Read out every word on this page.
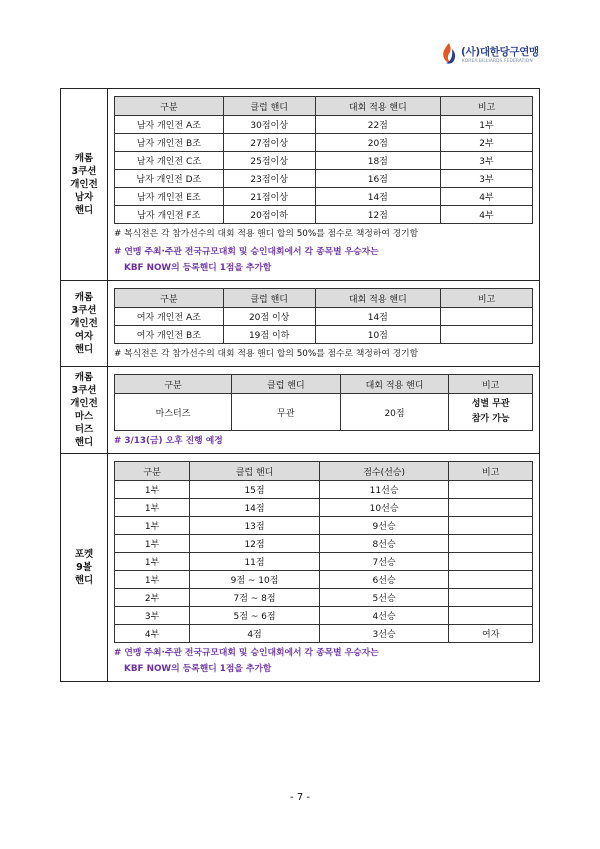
(사)대한당구연맹
KOREA BILLIARDS FEDERATION
캐롬
3쿠션
개인전
남자
핸디

구분	클럽 핸디	대회 적용 핸디	비고
남자 개인전 A조	30점이상	22점	1부
남자 개인전 B조	27점이상	20점	2부
남자 개인전 C조	25점이상	18점	3부
남자 개인전 D조	23점이상	16점	3부
남자 개인전 E조	21점이상	14점	4부
남자 개인전 F조	20점이하	12점	4부
# 복식전은 각 참가선수의 대회 적용 핸디 합의 50%를 점수로 책정하여 경기함
# 연맹 주최·주관 전국규모대회 및 승인대회에서 각 종목별 우승자는
KBF NOW의 등록핸디 1점을 추가함

캐롬
3쿠션
개인전
여자
핸디

구분	클럽 핸디	대회 적용 핸디	비고
여자 개인전 A조	20점 이상	14점	
여자 개인전 B조	19점 이하	10점	
# 복식전은 각 참가선수의 대회 적용 핸디 합의 50%를 점수로 책정하여 경기함

캐롬
3쿠션
개인전
마스
터즈
핸디

구분	클럽 핸디	대회 적용 핸디	비고
마스터즈	무관	20점	성별 무관
참가 가능
# 3/13(금) 오후 진행 예정

포켓
9볼
핸디

구분	클럽 핸디	점수(선승)	비고
1부	15점	11선승	
1부	14점	10선승	
1부	13점	9선승	
1부	12점	8선승	
1부	11점	7선승	
1부	9점 ~ 10점	6선승	
2부	7점 ~ 8점	5선승	
3부	5점 ~ 6점	4선승	
4부	4점	3선승	여자
# 연맹 주최·주관 전국규모대회 및 승인대회에서 각 종목별 우승자는
KBF NOW의 등록핸디 1점을 추가함
- 7 -
